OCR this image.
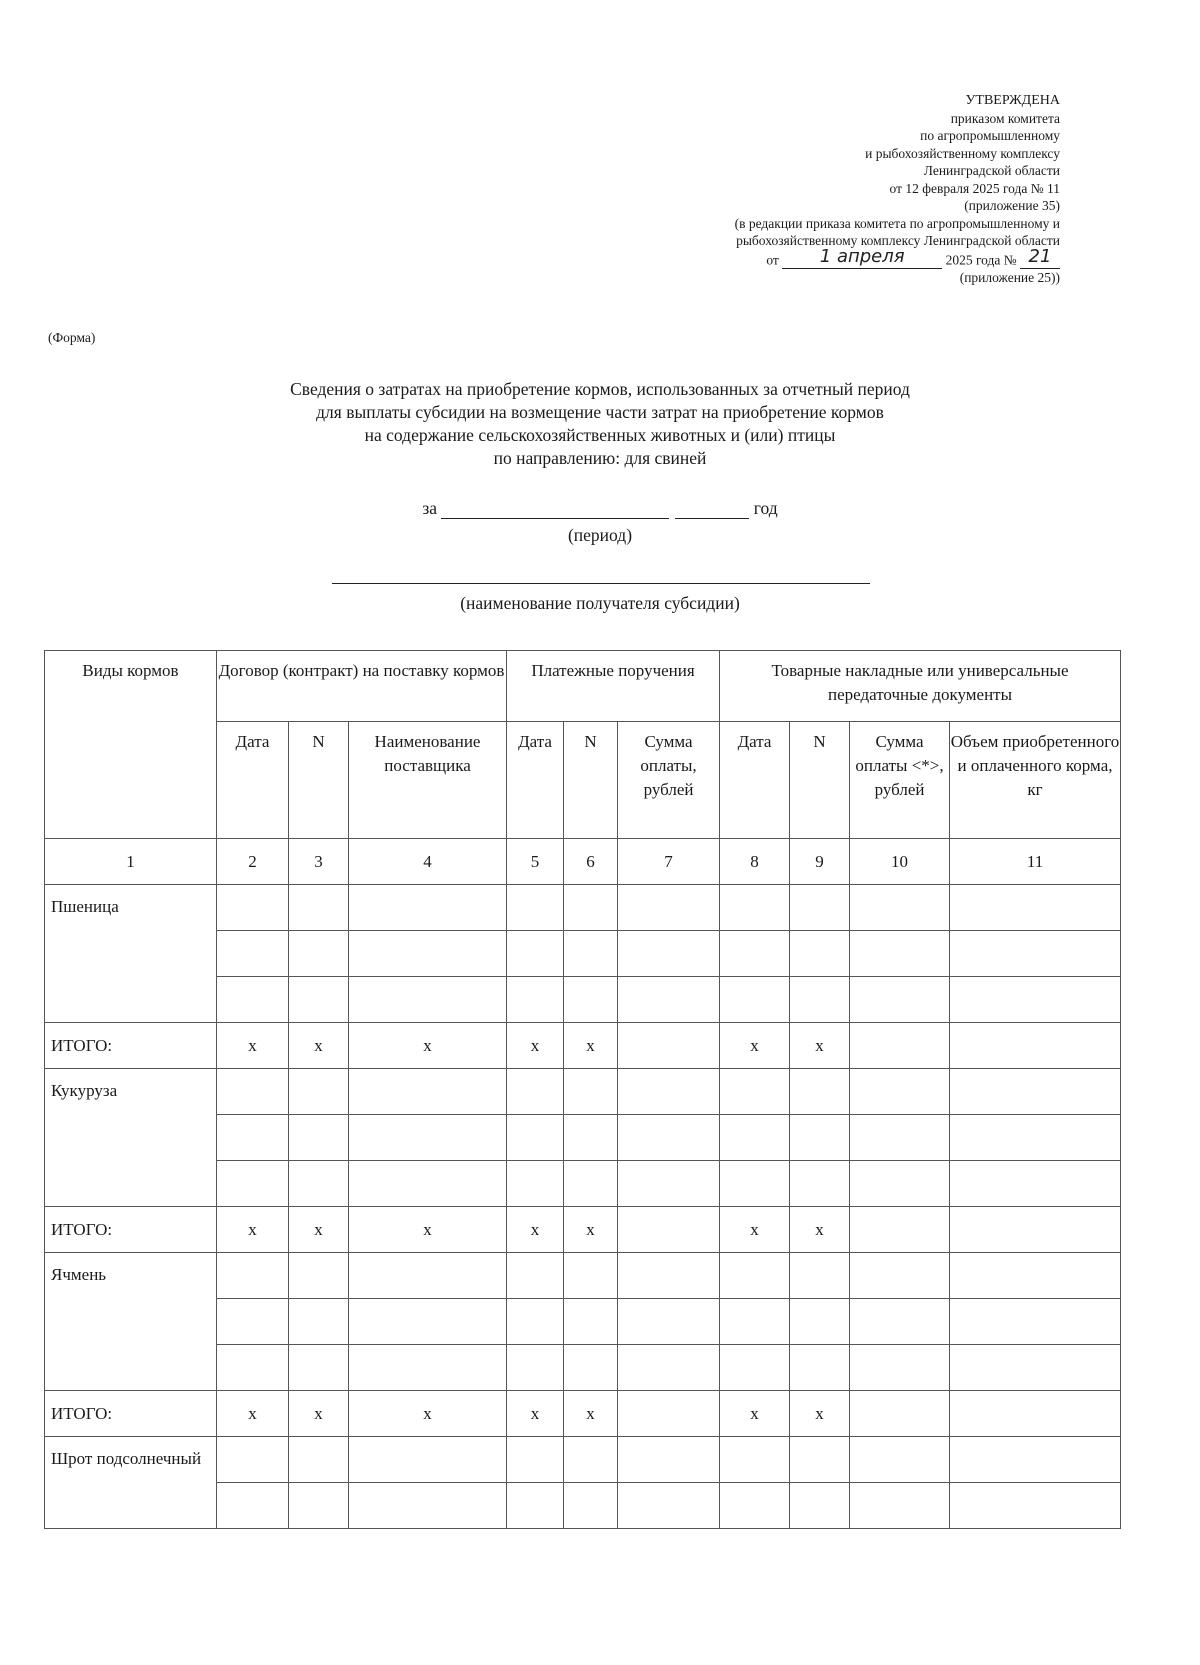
УТВЕРЖДЕНА
приказом комитета
по агропромышленному
и рыбохозяйственному комплексу
Ленинградской области
от 12 февраля 2025 года № 11
(приложение 35)
(в редакции приказа комитета по агропромышленному и
рыбохозяйственному комплексу Ленинградской области
от 1 апреля	2025 года № 21
(приложение 25))
(Форма)
Сведения о затратах на приобретение кормов, использованных за отчетный период
для выплаты субсидии на возмещение части затрат на приобретение кормов
на содержание сельскохозяйственных животных и (или) птицы
по направлению: для свиней
за	год
(период)
(наименование получателя субсидии)
Виды кормов	Договор (контракт) на поставку кормов			Платежные поручения			Товарные накладные или универсальные передаточные документы			
	Дата	N	Наименование поставщика	Дата	N	Сумма оплаты, рублей	Дата	N	Сумма оплаты <*>, рублей	Объем приобретенного и оплаченного корма, кг
1	2	3	4	5	6	7	8	9	10	11
Пшеница										

ИТОГО:	x	x	x	x	x		x	x		
Кукуруза										

ИТОГО:	x	x	x	x	x		x	x		
Ячмень										

ИТОГО:	x	x	x	x	x		x	x		
Шрот подсолнечный										
